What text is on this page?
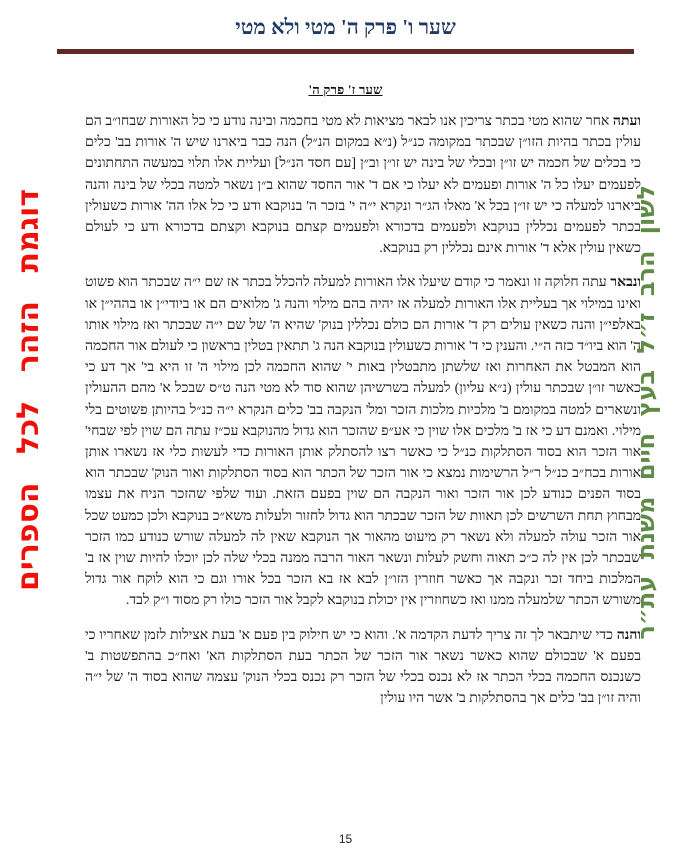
שער ו' פרק ה' מטי ולא מטי
שער ז' פרק ה'

ועתה אחר שהוא מטי בכתר צריכין אנו לבאר מציאות לא מטי בחכמה ובינה נודע כי כל האורות שבחו״ב הם עולין בכתר בהיות הזו״ן שבכתר במקומה כנ״ל (נ״א במקום הנ״ל) הנה כבר ביארנו שיש ה' אורות בב' כלים כי בכלים של חכמה יש זו״ן ובכלי של בינה יש זו״ן וב״ן [עם חסד הנ״ל] ועליית אלו תלוי במעשה התחתונים לפעמים יעלו כל ה' אורות ופעמים לא יעלו כי אם ד' אור החסד שהוא ב״ן נשאר למטה בכלי של בינה והנה ביארנו למעלה כי יש זו״ן בכל א' מאלו הג״ר ונקרא י״ה י' בזכר ה' בנוקבא ודע כי כל אלו הה' אורות כשעולין בכתר לפעמים נכללין בנוקבא ולפעמים בדכורא ולפעמים קצתם בנוקבא וקצתם בדכורא ודע כי לעולם כשאין עולין אלא ד' אורות אינם נכללין רק בנוקבא.

ונבאר עתה חלוקה זו ונאמר כי קודם שיעלו אלו האורות למעלה להכלל בכתר אז שם י״ה שבכתר הוא פשוט ואינו במילוי אך בעליית אלו האורות למעלה אז יהיה בהם מילוי והנה ג' מלואים הם או ביודי״ן או בההי״ן או באלפי״ן והנה כשאין עולים רק ד' אורות הם כולם נכללין בנוק' שהיא ה' של שם י״ה שבכתר ואז מילוי אותו ה' הוא ביו״ד כזה ה״י. והענין כי ד' אורות כשעולין בנוקבא הנה ג' תתאין בטלין בראשון כי לעולם אור החכמה הוא המבטל את האחרות ואז שלשתן מתבטלין באות י' שהוא החכמה לכן מילוי ה' זו היא בי' אך דע כי כאשר זו״ן שבכתר עולין (נ״א עליון) למעלה בשרשיהן שהוא סוד לא מטי הנה ט״ס שבכל א' מהם ההעולין ונשארים למטה במקומם ב' מלכיות מלכות הזכר ומל' הנקבה בב' כלים הנקרא י״ה כנ״ל בהיותן פשוטים בלי מילוי. ואמנם דע כי אז ב' מלכים אלו שוין כי אע״פ שהזכר הוא גדול מהנוקבא עכ״ז עתה הם שוין לפי שבחי' אור הזכר הוא בסוד הסתלקות כנ״ל כי כאשר רצו להסתלק אותן האורות כדי לעשות כלי אז נשארו אותן אורות בכח״ב כנ״ל ר״ל הרשימות נמצא כי אור הזכר של הכתר הוא בסוד הסתלקות ואור הנוק' שבכתר הוא בסוד הפנים כנודע לכן אור הזכר ואור הנקבה הם שוין בפעם הזאת. ועוד שלפי שהזכר הניח את עצמו מבחוץ תחת השרשים לכן תאוות של הזכר שבכתר הוא גדול לחזור ולעלות משא״כ בנוקבא ולכן כמעט שכל אור הזכר עולה למעלה ולא נשאר רק מיעוט מהאור אך הנוקבא שאין לה למעלה שורש כנודע כמו הזכר שבכתר לכן אין לה כ״כ תאוה וחשק לעלות ונשאר האור הרבה ממנה בכלי שלה לכן יוכלו להיות שוין אז ב' המלכות ביחד זכר ונקבה אך כאשר חוזרין הזו״ן לבא אז בא הזכר בכל אורו וגם כי הוא לוקח אור גדול משורש הכתר שלמעלה ממנו ואז כשחוזרין אין יכולת בנוקבא לקבל אור הזכר כולו רק מסוד ו״ק לבד.

והנה כדי שיתבאר לך זה צריך לדעת הקדמה א'. והוא כי יש חילוק בין פעם א' בעת אצילות לזמן שאחריו כי בפעם א' שבכולם שהוא כאשר נשאר אור הזכר של הכתר בעת הסתלקות הא' ואח״כ בהתפשטות ב' כשנכנס החכמה בכלי הכתר אז לא נכנס בכלי של הזכר רק נכנס בכלי הנוק' עצמה שהוא בסוד ה' של י״ה והיה זו״ן בב' כלים אך בהסתלקות ב' אשר היו עולין

דוגמת הזהר לכל הספרים	לשון הרב ז״ל בעץ חיים משנת עת״ר
15
